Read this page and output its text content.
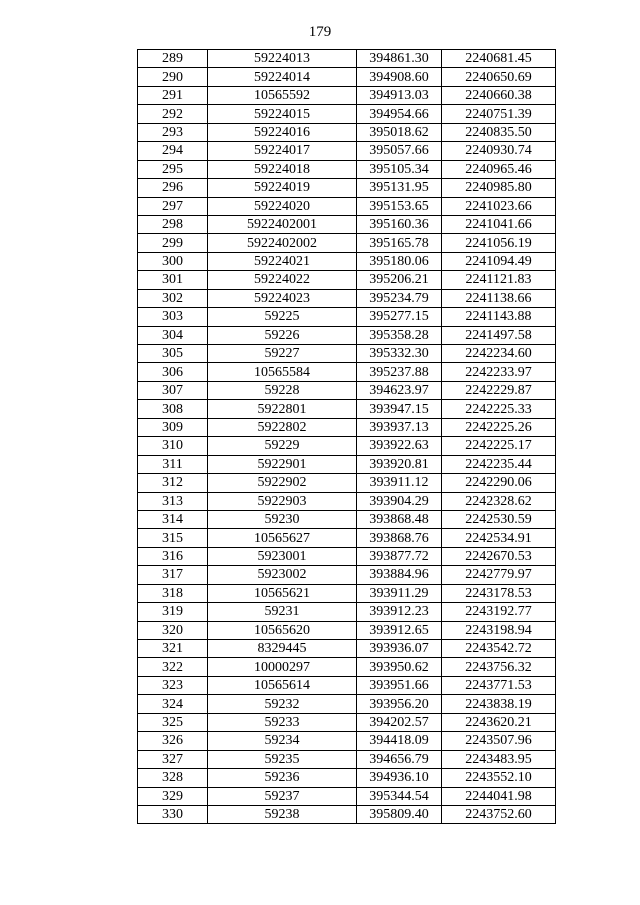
179
289	59224013	394861.30	2240681.45
290	59224014	394908.60	2240650.69
291	10565592	394913.03	2240660.38
292	59224015	394954.66	2240751.39
293	59224016	395018.62	2240835.50
294	59224017	395057.66	2240930.74
295	59224018	395105.34	2240965.46
296	59224019	395131.95	2240985.80
297	59224020	395153.65	2241023.66
298	5922402001	395160.36	2241041.66
299	5922402002	395165.78	2241056.19
300	59224021	395180.06	2241094.49
301	59224022	395206.21	2241121.83
302	59224023	395234.79	2241138.66
303	59225	395277.15	2241143.88
304	59226	395358.28	2241497.58
305	59227	395332.30	2242234.60
306	10565584	395237.88	2242233.97
307	59228	394623.97	2242229.87
308	5922801	393947.15	2242225.33
309	5922802	393937.13	2242225.26
310	59229	393922.63	2242225.17
311	5922901	393920.81	2242235.44
312	5922902	393911.12	2242290.06
313	5922903	393904.29	2242328.62
314	59230	393868.48	2242530.59
315	10565627	393868.76	2242534.91
316	5923001	393877.72	2242670.53
317	5923002	393884.96	2242779.97
318	10565621	393911.29	2243178.53
319	59231	393912.23	2243192.77
320	10565620	393912.65	2243198.94
321	8329445	393936.07	2243542.72
322	10000297	393950.62	2243756.32
323	10565614	393951.66	2243771.53
324	59232	393956.20	2243838.19
325	59233	394202.57	2243620.21
326	59234	394418.09	2243507.96
327	59235	394656.79	2243483.95
328	59236	394936.10	2243552.10
329	59237	395344.54	2244041.98
330	59238	395809.40	2243752.60
